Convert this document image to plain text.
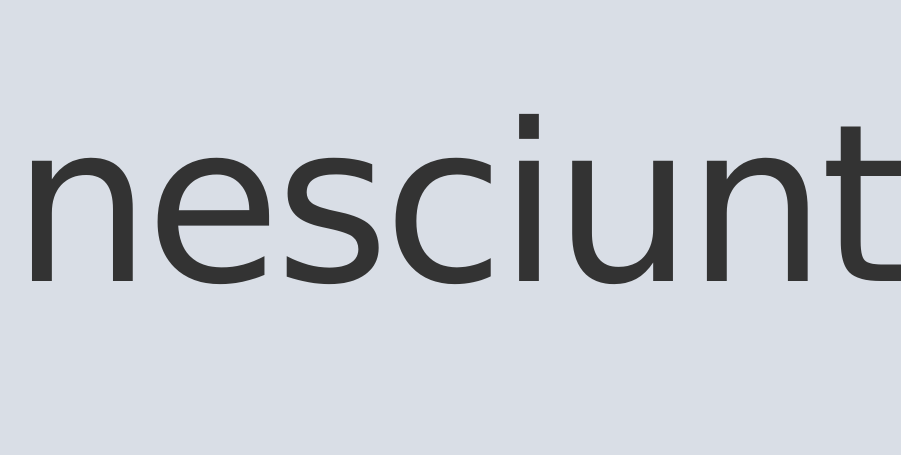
nesciunt
